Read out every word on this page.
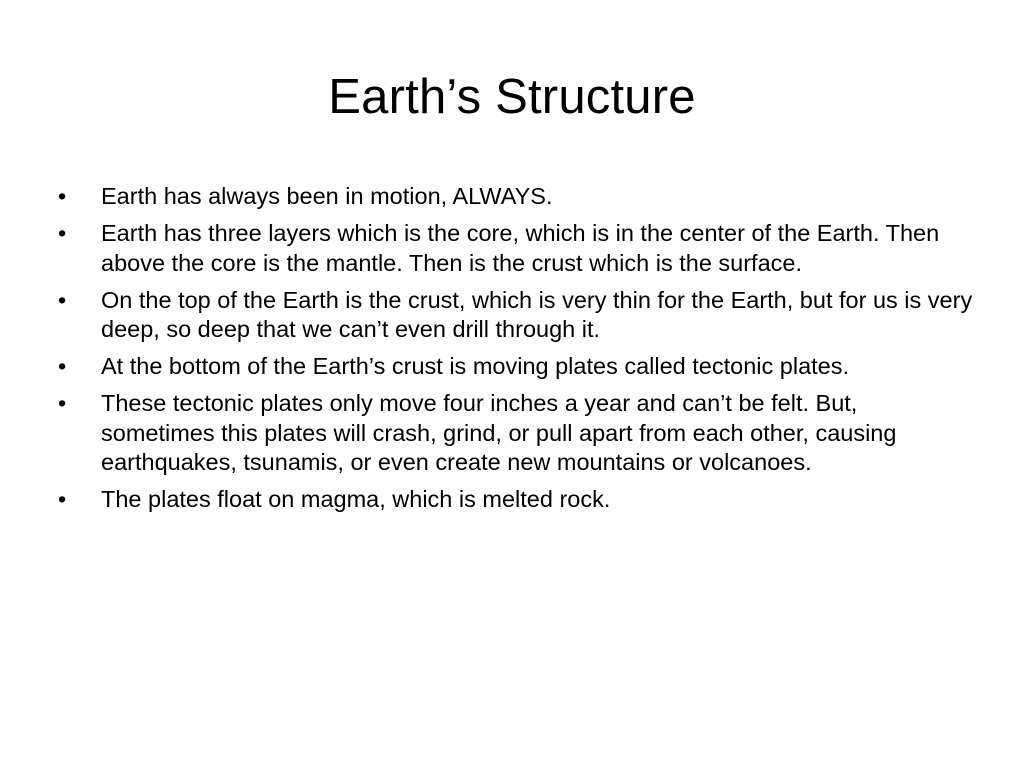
Earth’s Structure
•	Earth has always been in motion, ALWAYS.
•	Earth has three layers which is the core, which is in the center of the Earth. Then above the core is the mantle. Then is the crust which is the surface.
•	On the top of the Earth is the crust, which is very thin for the Earth, but for us is very deep, so deep that we can’t even drill through it.
•	At the bottom of the Earth’s crust is moving plates called tectonic plates.
•	These tectonic plates only move four inches a year and can’t be felt. But, sometimes this plates will crash, grind, or pull apart from each other, causing earthquakes, tsunamis, or even create new mountains or volcanoes.
•	The plates float on magma, which is melted rock.
